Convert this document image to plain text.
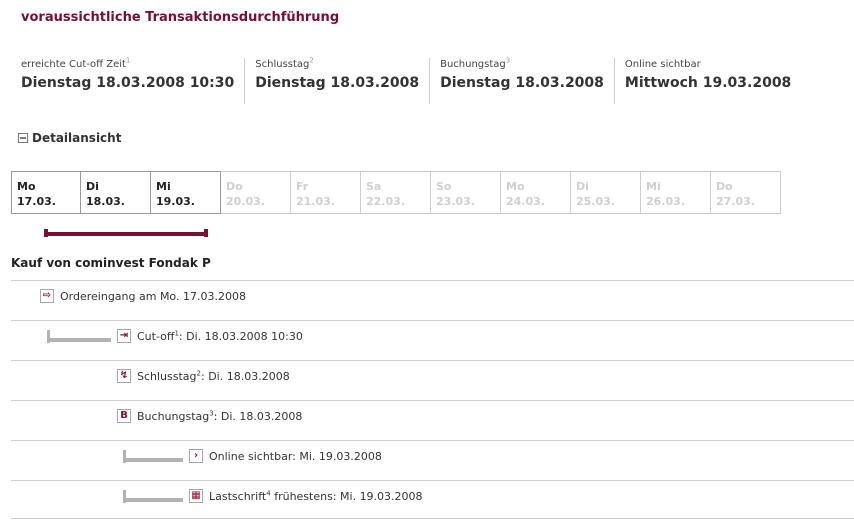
voraussichtliche Transaktionsdurchführung
erreichte Cut-off Zeit$^1$
Dienstag 18.03.2008 10:30
Schlusstag$^2$
Dienstag 18.03.2008
Buchungstag$^3$
Dienstag 18.03.2008
Online sichtbar
Mittwoch 19.03.2008
Detailansicht
Mo
17.03.
Di
18.03.
Mi
19.03.
Do
20.03.
Fr
21.03.
Sa
22.03.
So
23.03.
Mo
24.03.
Di
25.03.
Mi
26.03.
Do
27.03.
Kauf von cominvest Fondak P
⇨ Ordereingang am Mo. 17.03.2008
⇥ Cut-off$^1$: Di. 18.03.2008 10:30
↯ Schlusstag$^2$: Di. 18.03.2008
B Buchungstag$^3$: Di. 18.03.2008
› Online sichtbar: Mi. 19.03.2008
▦ Lastschrift$^4$ frühestens: Mi. 19.03.2008
